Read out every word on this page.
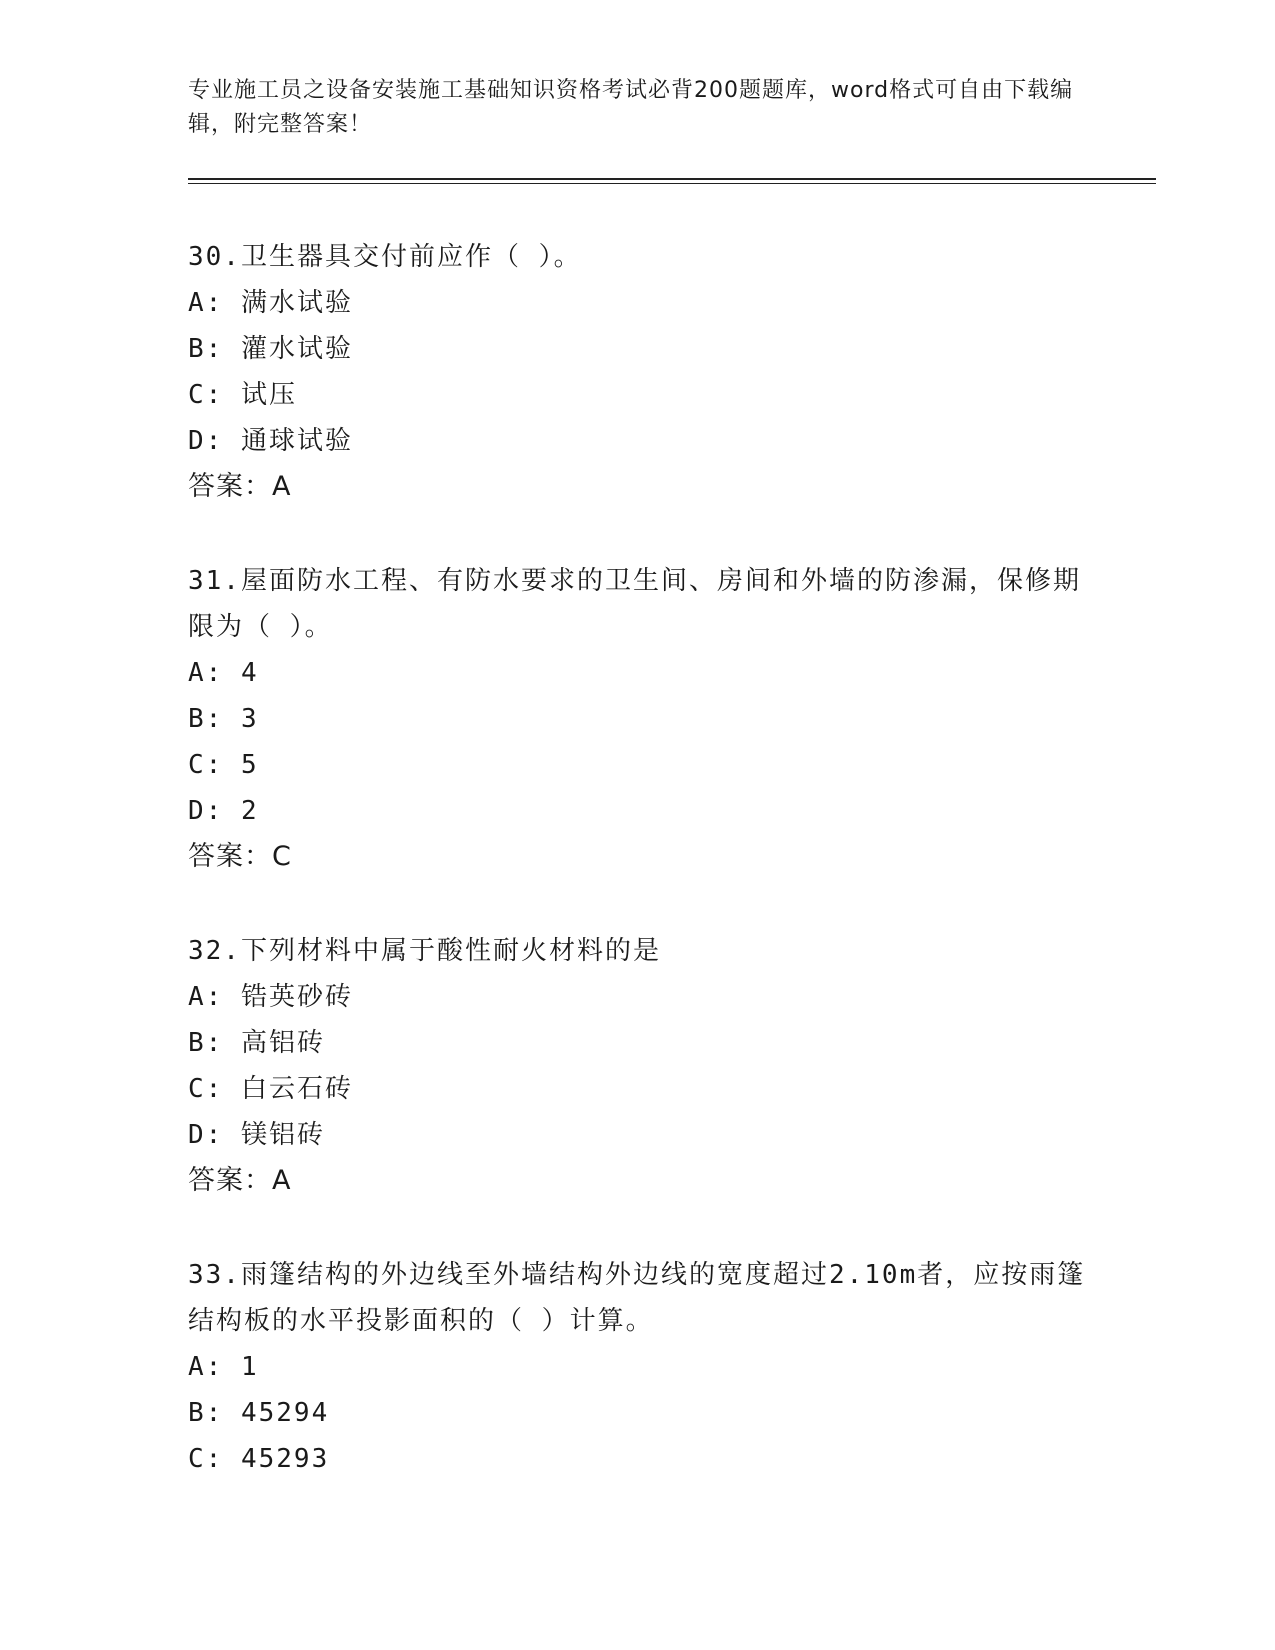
专业施工员之设备安装施工基础知识资格考试必背200题题库，word格式可自由下载编辑，附完整答案！
30.卫生器具交付前应作（ ）。
A: 满水试验
B: 灌水试验
C: 试压
D: 通球试验
答案：A
31.屋面防水工程、有防水要求的卫生间、房间和外墙的防渗漏，保修期限为（ ）。
A: 4
B: 3
C: 5
D: 2
答案：C
32.下列材料中属于酸性耐火材料的是
A: 锆英砂砖
B: 高铝砖
C: 白云石砖
D: 镁铝砖
答案：A
33.雨篷结构的外边线至外墙结构外边线的宽度超过2.10m者，应按雨篷结构板的水平投影面积的（ ）计算。
A: 1
B: 45294
C: 45293
